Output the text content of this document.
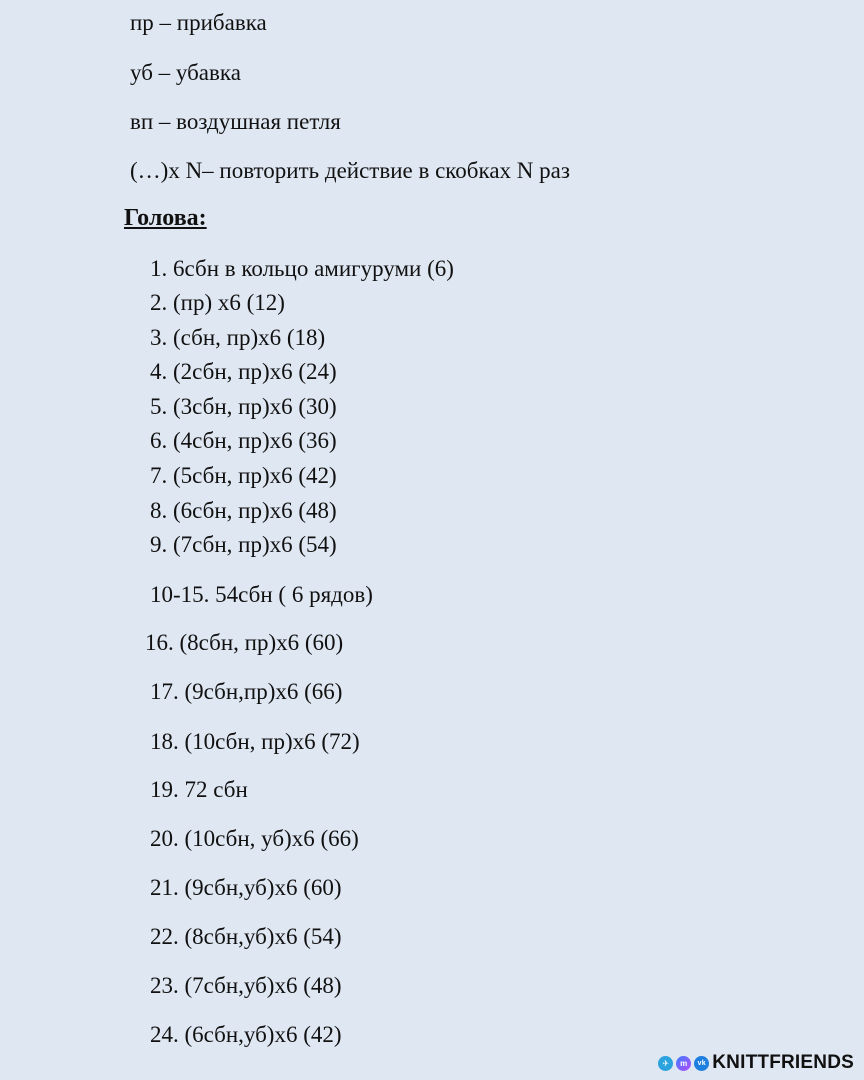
пр – прибавка
уб – убавка
вп – воздушная петля
(…)х N– повторить действие в скобках N раз
Голова:
1. 6сбн в кольцо амигуруми (6)
2. (пр) х6 (12)
3. (сбн, пр)х6 (18)
4. (2сбн, пр)х6 (24)
5. (3сбн, пр)х6 (30)
6. (4сбн, пр)х6 (36)
7. (5сбн, пр)х6 (42)
8. (6сбн, пр)х6 (48)
9. (7сбн, пр)х6 (54)
10-15. 54сбн ( 6 рядов)
16. (8сбн, пр)х6 (60)
17. (9сбн,пр)х6 (66)
18. (10сбн, пр)х6 (72)
19. 72 сбн
20. (10сбн, уб)х6 (66)
21. (9сбн,уб)х6 (60)
22. (8сбн,уб)х6 (54)
23. (7сбн,уб)х6 (48)
24. (6сбн,уб)х6 (42)
✈	m	vk KNITTFRIENDS
